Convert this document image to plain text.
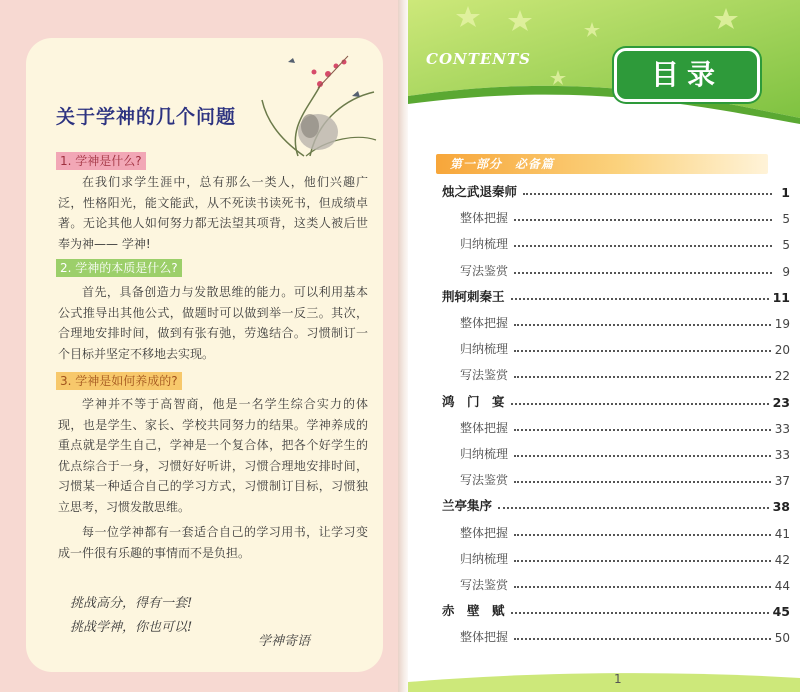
关于学神的几个问题
1. 学神是什么?
在我们求学生涯中，总有那么一类人，他们兴趣广泛，性格阳光，能文能武，从不死读书读死书，但成绩卓著。无论其他人如何努力都无法望其项背，这类人被后世奉为神—— 学神!
2. 学神的本质是什么?
首先，具备创造力与发散思维的能力。可以利用基本公式推导出其他公式，做题时可以做到举一反三。其次，合理地安排时间，做到有张有弛，劳逸结合。习惯制订一个目标并坚定不移地去实现。
3. 学神是如何养成的?
学神并不等于高智商，他是一名学生综合实力的体现，也是学生、家长、学校共同努力的结果。学神养成的重点就是学生自己，学神是一个复合体，把各个好学生的优点综合于一身，习惯好好听讲，习惯合理地安排时间，习惯某一种适合自己的学习方式，习惯制订目标，习惯独立思考，习惯发散思维。
每一位学神都有一套适合自己的学习用书，让学习变成一件很有乐趣的事情而不是负担。
挑战高分，得有一套!
挑战学神，你也可以!
学神寄语
CONTENTS	目录
第一部分　必备篇
烛之武退秦师	1
整体把握	5
归纳梳理	5
写法鉴赏	9
荆轲刺秦王	11
整体把握	19
归纳梳理	20
写法鉴赏	22
鸿　门　宴	23
整体把握	33
归纳梳理	33
写法鉴赏	37
兰亭集序	38
整体把握	41
归纳梳理	42
写法鉴赏	44
赤　壁　赋	45
整体把握	50
1
